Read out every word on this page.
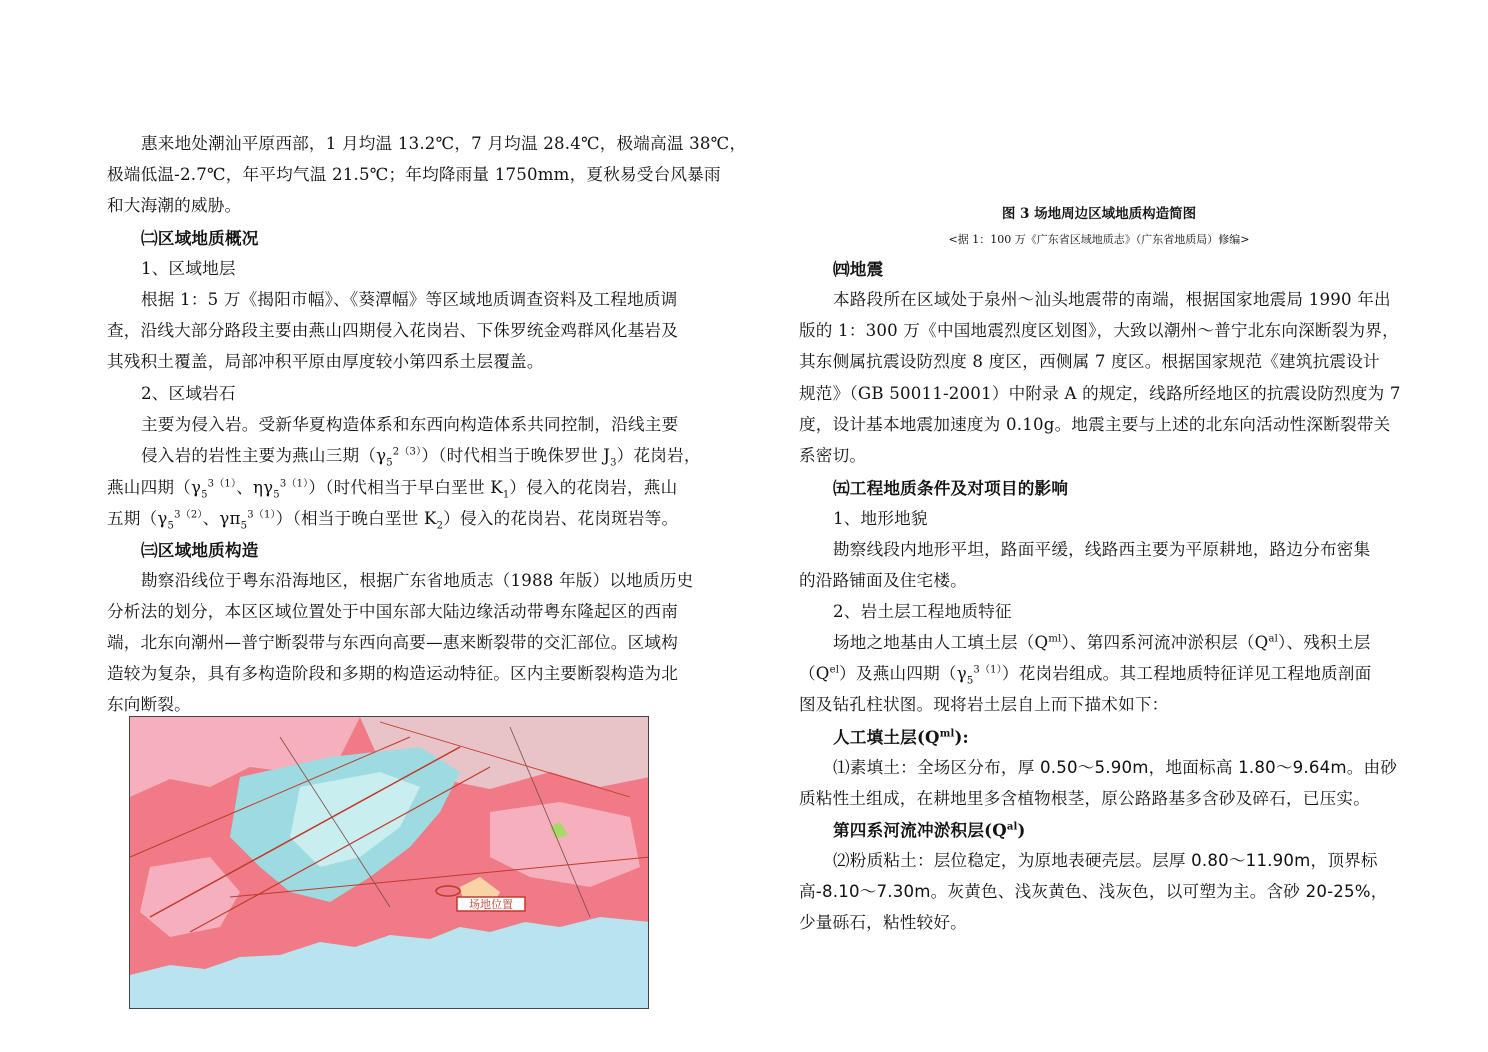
惠来地处潮汕平原西部，1 月均温 13.2℃，7 月均温 28.4℃，极端高温 38℃，
极端低温-2.7℃，年平均气温 21.5℃；年均降雨量 1750mm，夏秋易受台风暴雨
和大海潮的威胁。
㈡区域地质概况
1、区域地层
根据 1：5 万《揭阳市幅》、《葵潭幅》等区域地质调查资料及工程地质调
查，沿线大部分路段主要由燕山四期侵入花岗岩、下侏罗统金鸡群风化基岩及
其残积土覆盖，局部冲积平原由厚度较小第四系土层覆盖。
2、区域岩石
主要为侵入岩。受新华夏构造体系和东西向构造体系共同控制，沿线主要
侵入岩的岩性主要为燕山三期$(\gamma_5^{2(3)})$（时代相当于晚侏罗世 $J_3$）花岗岩，
燕山四期（$\gamma_5^{3(1)}$、$\eta\gamma_5^{3(1)}$）（时代相当于早白垩世 $K_1$）侵入的花岗岩，燕山
五期（$\gamma_5^{3(2)}$、$\gamma\pi_5^{3(1)}$）（相当于晚白垩世 $K_2$）侵入的花岗岩、花岗斑岩等。
㈢区域地质构造
勘察沿线位于粤东沿海地区，根据广东省地质志（1988 年版）以地质历史
分析法的划分，本区区域位置处于中国东部大陆边缘活动带粤东隆起区的西南
端，北东向潮州—普宁断裂带与东西向高要—惠来断裂带的交汇部位。区域构
造较为复杂，具有多构造阶段和多期的构造运动特征。区内主要断裂构造为北
东向断裂。
场地位置
图 3 场地周边区域地质构造简图
<据 1：100 万《广东省区域地质志》（广东省地质局）修编>
㈣地震
本路段所在区域处于泉州～汕头地震带的南端，根据国家地震局 1990 年出
版的 1：300 万《中国地震烈度区划图》，大致以潮州～普宁北东向深断裂为界，
其东侧属抗震设防烈度 8 度区，西侧属 7 度区。根据国家规范《建筑抗震设计
规范》（GB 50011-2001）中附录 A 的规定，线路所经地区的抗震设防烈度为 7
度，设计基本地震加速度为 0.10g。地震主要与上述的北东向活动性深断裂带关
系密切。
㈤工程地质条件及对项目的影响
1、地形地貌
勘察线段内地形平坦，路面平缓，线路西主要为平原耕地，路边分布密集
的沿路铺面及住宅楼。
2、岩土层工程地质特征
场地之地基由人工填土层$(Q^{ml})$、第四系河流冲淤积层$(Q^{al})$、残积土层
$(Q^{el})$及燕山四期$(\gamma_5^{3(1)})$花岗岩组成。其工程地质特征详见工程地质剖面
图及钻孔柱状图。现将岩土层自上而下描术如下：
人工填土层$(Q^{ml})$:
⑴素填土：全场区分布，厚 0.50～5.90m，地面标高 1.80～9.64m。由砂
质粘性土组成，在耕地里多含植物根茎，原公路路基多含砂及碎石，已压实。
第四系河流冲淤积层$(Q^{al})$
⑵粉质粘土：层位稳定，为原地表硬壳层。层厚 0.80～11.90m，顶界标
高-8.10～7.30m。灰黄色、浅灰黄色、浅灰色，以可塑为主。含砂 20-25%，
少量砾石，粘性较好。
